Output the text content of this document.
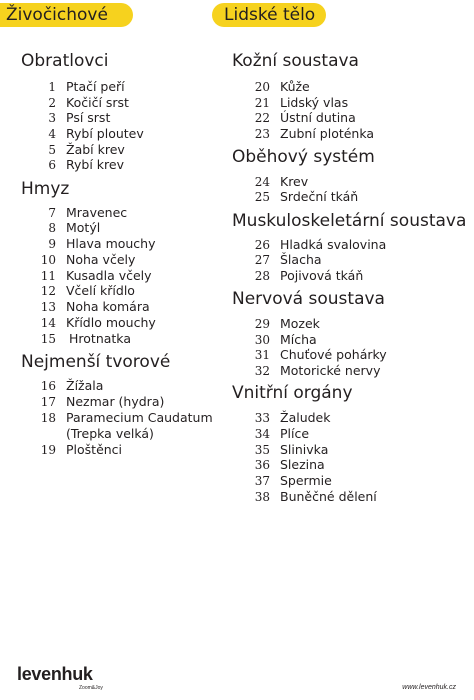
Živočichové
Obratlovci
1 Ptačí peří
2 Kočičí srst
3 Psí srst
4 Rybí ploutev
5 Žabí krev
6 Rybí krev
Hmyz
7 Mravenec
8 Motýl
9 Hlava mouchy
10 Noha včely
11 Kusadla včely
12 Včelí křídlo
13 Noha komára
14 Křídlo mouchy
15 Hrotnatka
Nejmenší tvorové
16 Žížala
17 Nezmar (hydra)
18 Paramecium Caudatum
(Trepka velká)
19 Ploštěnci
Lidské tělo
Kožní soustava
20 Kůže
21 Lidský vlas
22 Ústní dutina
23 Zubní ploténka
Oběhový systém
24 Krev
25 Srdeční tkáň
Muskuloskeletární soustava
26 Hladká svalovina
27 Šlacha
28 Pojivová tkáň
Nervová soustava
29 Mozek
30 Mícha
31 Chuťové pohárky
32 Motorické nervy
Vnitřní orgány
33 Žaludek
34 Plíce
35 Slinivka
36 Slezina
37 Spermie
38 Buněčné dělení
levenhuk
Zoom&Joy	www.levenhuk.cz
